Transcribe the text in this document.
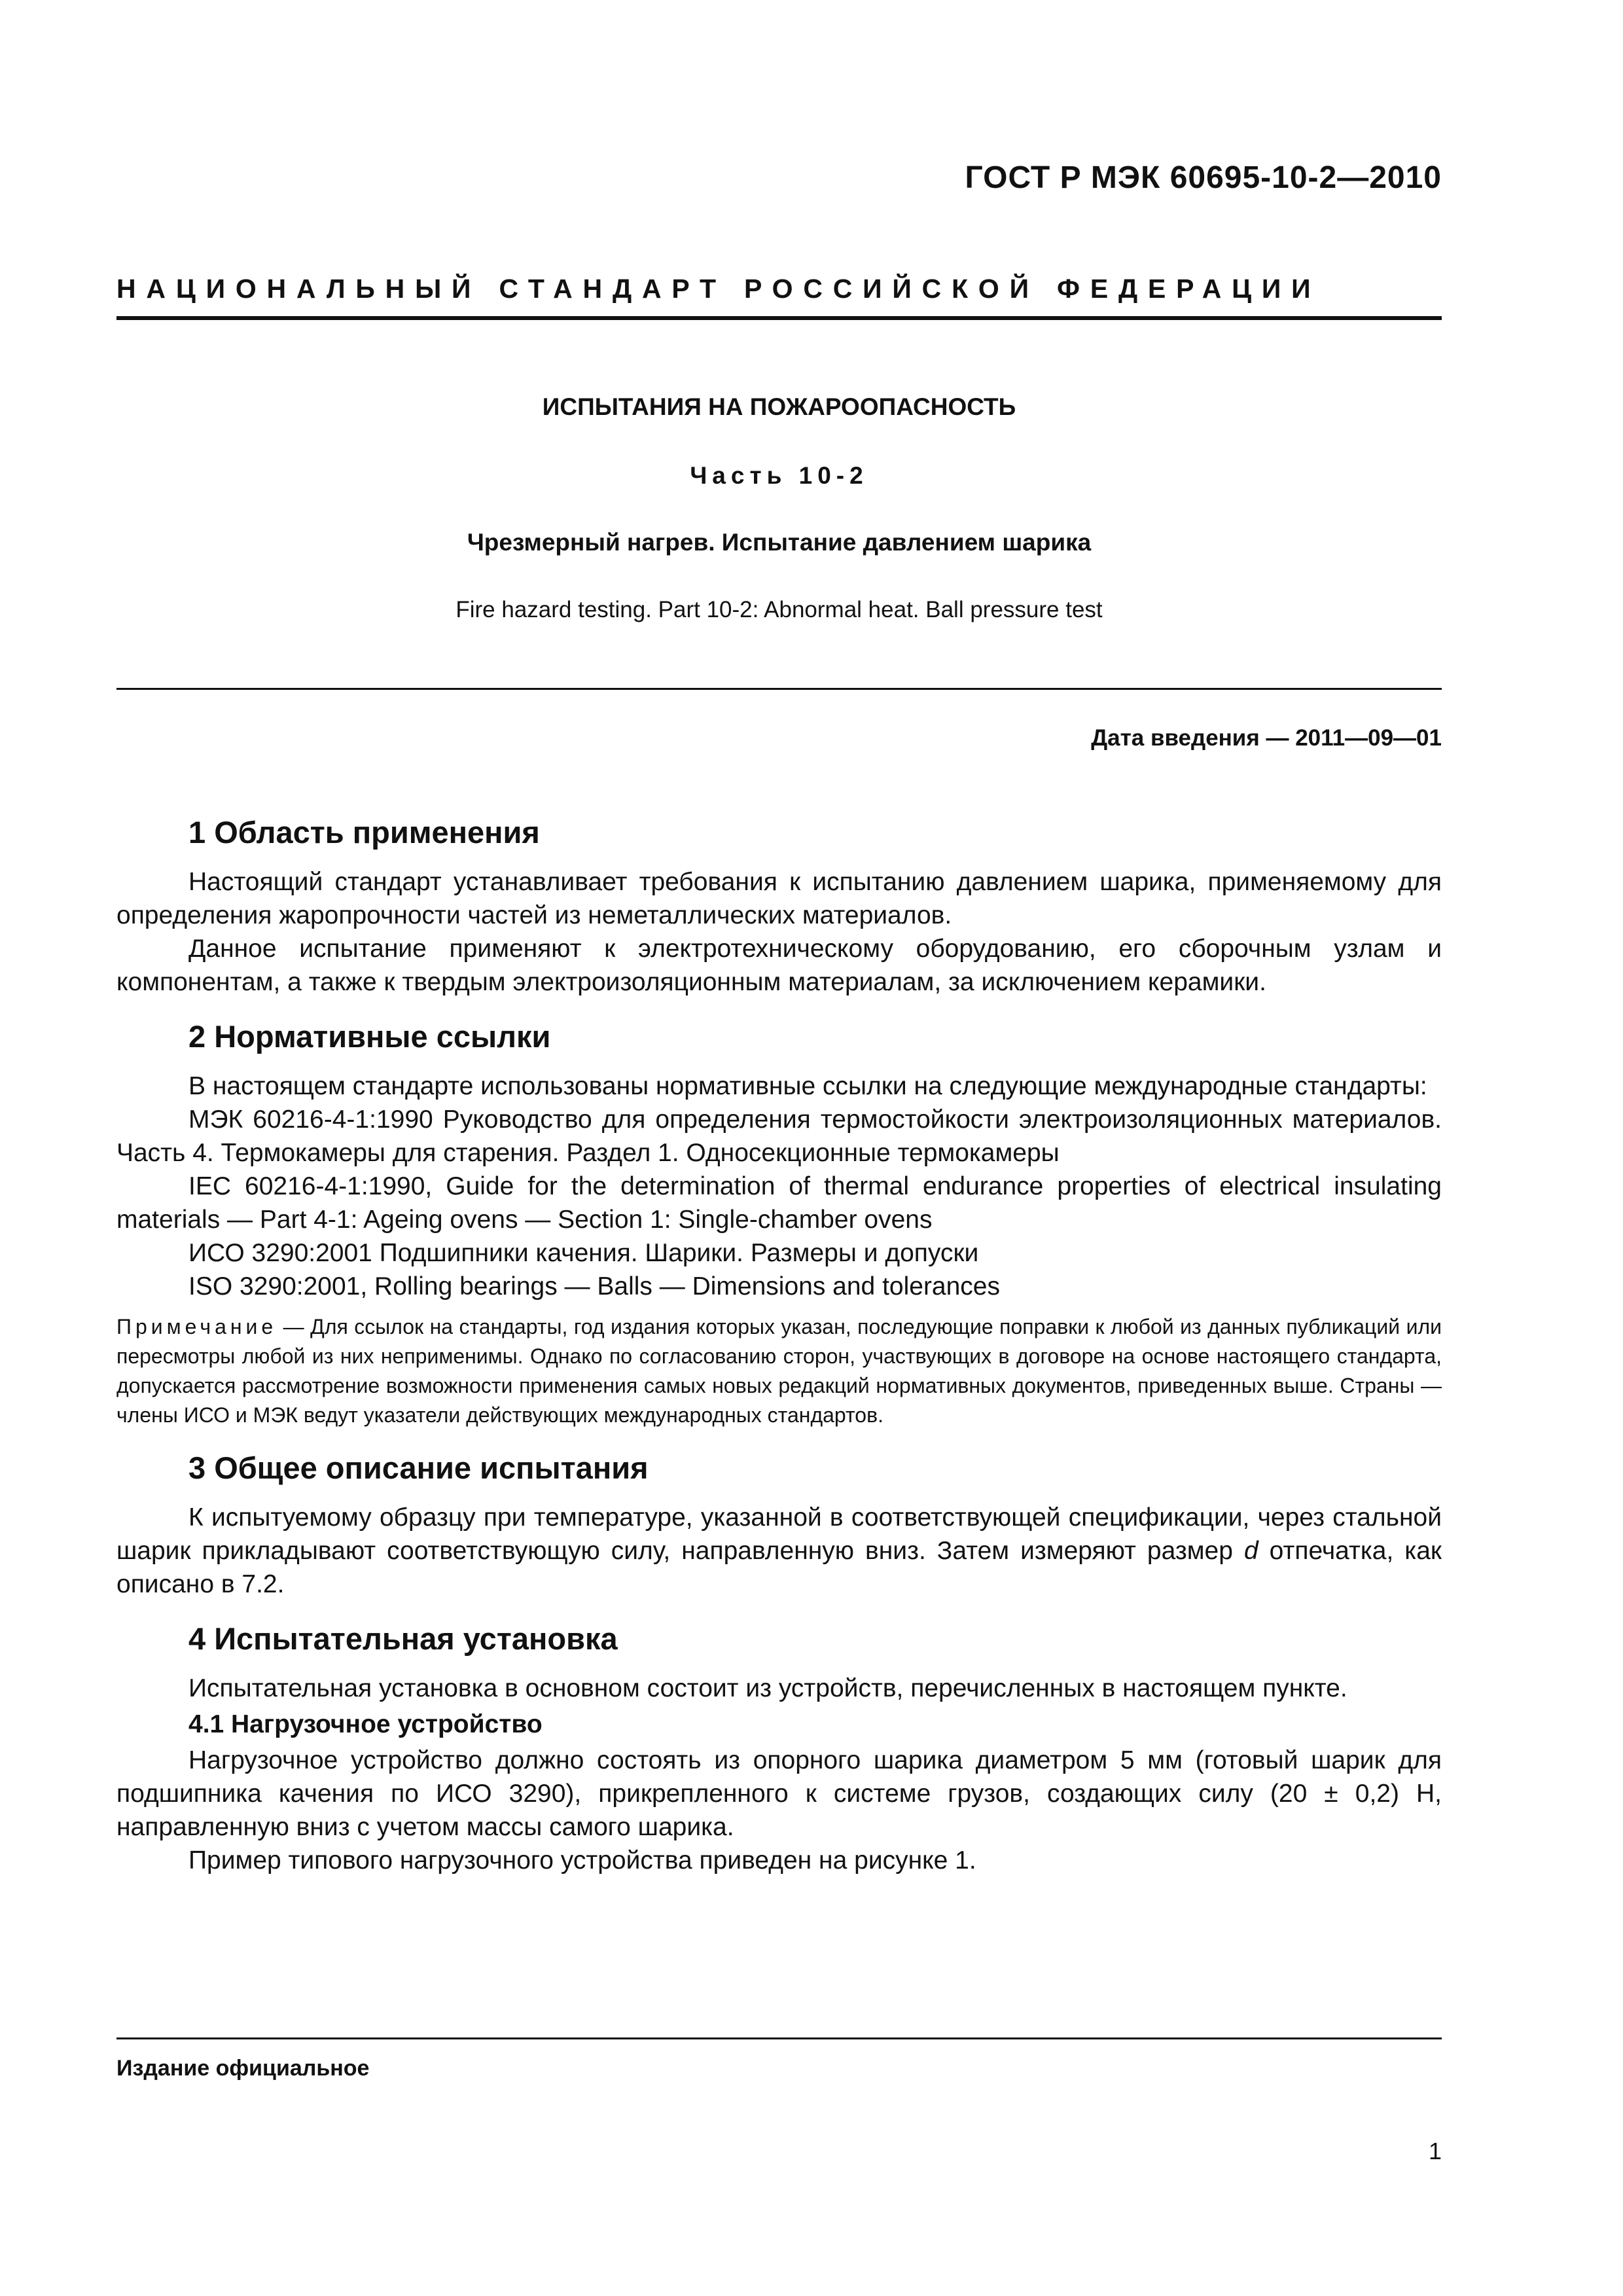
ГОСТ Р МЭК 60695-10-2—2010
НАЦИОНАЛЬНЫЙ СТАНДАРТ РОССИЙСКОЙ ФЕДЕРАЦИИ
ИСПЫТАНИЯ НА ПОЖАРООПАСНОСТЬ
Часть 10-2
Чрезмерный нагрев. Испытание давлением шарика
Fire hazard testing. Part 10-2: Abnormal heat. Ball pressure test
Дата введения — 2011—09—01
1 Область применения

Настоящий стандарт устанавливает требования к испытанию давлением шарика, применяемому для определения жаропрочности частей из неметаллических материалов.

Данное испытание применяют к электротехническому оборудованию, его сборочным узлам и компонентам, а также к твердым электроизоляционным материалам, за исключением керамики.

2 Нормативные ссылки

В настоящем стандарте использованы нормативные ссылки на следующие международные стандарты:

МЭК 60216-4-1:1990 Руководство для определения термостойкости электроизоляционных материалов. Часть 4. Термокамеры для старения. Раздел 1. Односекционные термокамеры

IEC 60216-4-1:1990, Guide for the determination of thermal endurance properties of electrical insulating materials — Part 4-1: Ageing ovens — Section 1: Single-chamber ovens

ИСО 3290:2001 Подшипники качения. Шарики. Размеры и допуски

ISO 3290:2001, Rolling bearings — Balls — Dimensions and tolerances

Примечание — Для ссылок на стандарты, год издания которых указан, последующие поправки к любой из данных публикаций или пересмотры любой из них неприменимы. Однако по согласованию сторон, участвующих в договоре на основе настоящего стандарта, допускается рассмотрение возможности применения самых новых редакций нормативных документов, приведенных выше. Страны — члены ИСО и МЭК ведут указатели действующих международных стандартов.
3 Общее описание испытания

К испытуемому образцу при температуре, указанной в соответствующей спецификации, через стальной шарик прикладывают соответствующую силу, направленную вниз. Затем измеряют размер d отпечатка, как описано в 7.2.

4 Испытательная установка

Испытательная установка в основном состоит из устройств, перечисленных в настоящем пункте.

4.1 Нагрузочное устройство

Нагрузочное устройство должно состоять из опорного шарика диаметром 5 мм (готовый шарик для подшипника качения по ИСО 3290), прикрепленного к системе грузов, создающих силу (20 ± 0,2) Н, направленную вниз с учетом массы самого шарика.

Пример типового нагрузочного устройства приведен на рисунке 1.

Издание официальное
1
